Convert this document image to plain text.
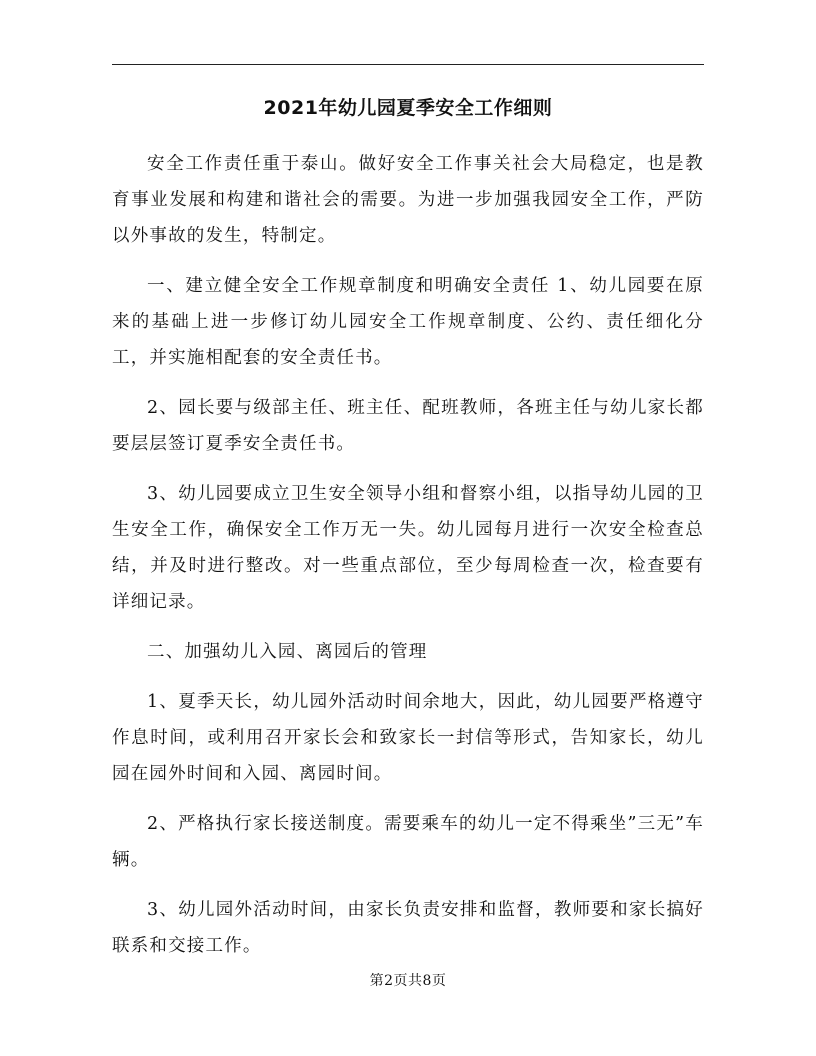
2021年幼儿园夏季安全工作细则

安全工作责任重于泰山。做好安全工作事关社会大局稳定，也是教育事业发展和构建和谐社会的需要。为进一步加强我园安全工作，严防以外事故的发生，特制定。

一、建立健全安全工作规章制度和明确安全责任 1、幼儿园要在原来的基础上进一步修订幼儿园安全工作规章制度、公约、责任细化分工，并实施相配套的安全责任书。

2、园长要与级部主任、班主任、配班教师，各班主任与幼儿家长都要层层签订夏季安全责任书。

3、幼儿园要成立卫生安全领导小组和督察小组，以指导幼儿园的卫生安全工作，确保安全工作万无一失。幼儿园每月进行一次安全检查总结，并及时进行整改。对一些重点部位，至少每周检查一次，检查要有详细记录。

二、加强幼儿入园、离园后的管理

1、夏季天长，幼儿园外活动时间余地大，因此，幼儿园要严格遵守作息时间，或利用召开家长会和致家长一封信等形式，告知家长，幼儿园在园外时间和入园、离园时间。

2、严格执行家长接送制度。需要乘车的幼儿一定不得乘坐”三无”车辆。

3、幼儿园外活动时间，由家长负责安排和监督，教师要和家长搞好联系和交接工作。

第2页共8页
